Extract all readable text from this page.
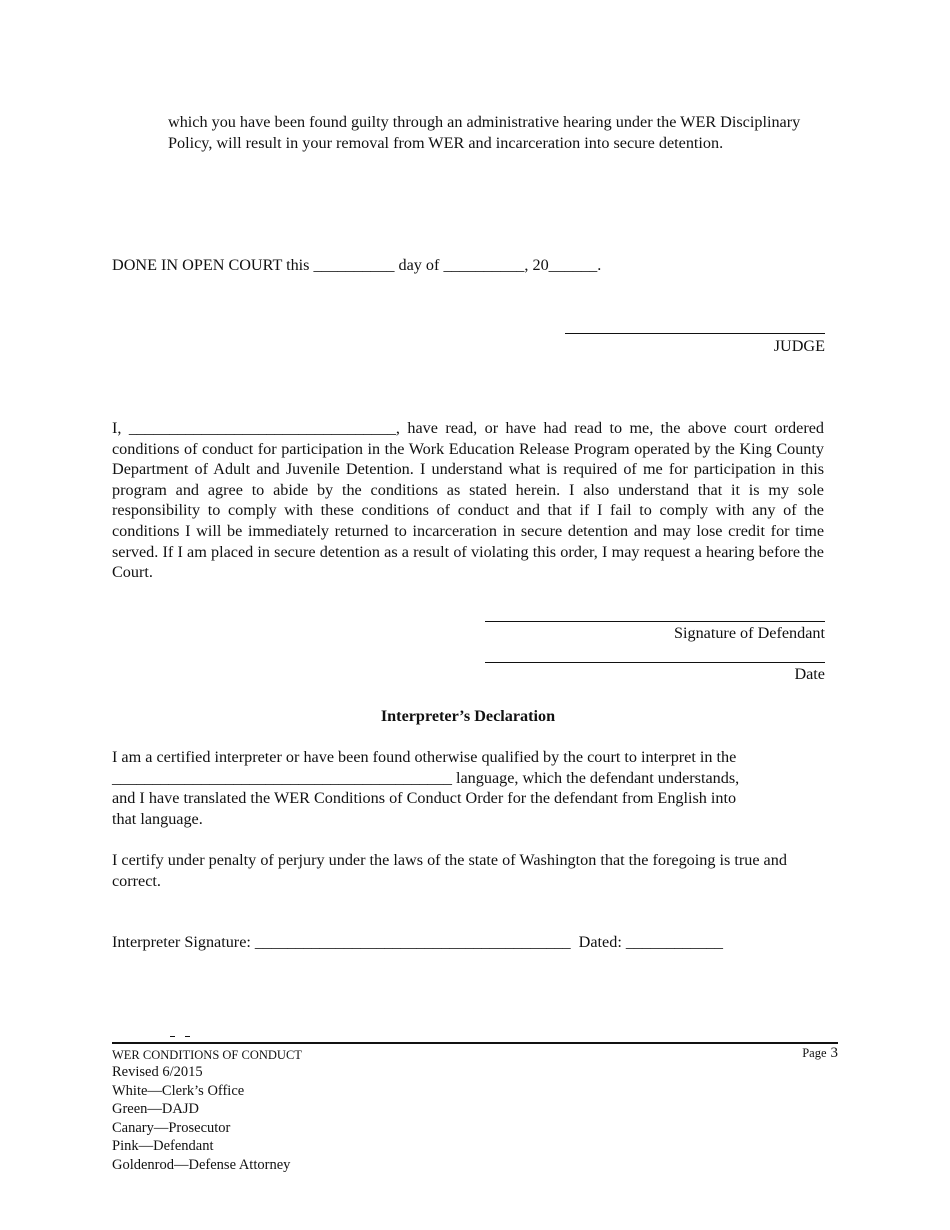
which you have been found guilty through an administrative hearing under the WER Disciplinary Policy, will result in your removal from WER and incarceration into secure detention.

DONE IN OPEN COURT this __________ day of __________, 20______.

JUDGE

I, _________________________________, have read, or have had read to me, the above court ordered conditions of conduct for participation in the Work Education Release Program operated by the King County Department of Adult and Juvenile Detention. I understand what is required of me for participation in this program and agree to abide by the conditions as stated herein. I also understand that it is my sole responsibility to comply with these conditions of conduct and that if I fail to comply with any of the conditions I will be immediately returned to incarceration in secure detention and may lose credit for time served. If I am placed in secure detention as a result of violating this order, I may request a hearing before the Court.

Signature of Defendant

Date

Interpreter’s Declaration

I am a certified interpreter or have been found otherwise qualified by the court to interpret in the

__________________________________________ language, which the defendant understands,

and I have translated the WER Conditions of Conduct Order for the defendant from English into

that language.

I certify under penalty of perjury under the laws of the state of Washington that the foregoing is true and correct.

Interpreter Signature: _______________________________________  Dated: ____________

WER CONDITIONS OF CONDUCT	Page 3
Revised 6/2015
White—Clerk’s Office
Green—DAJD
Canary—Prosecutor
Pink—Defendant
Goldenrod—Defense Attorney
